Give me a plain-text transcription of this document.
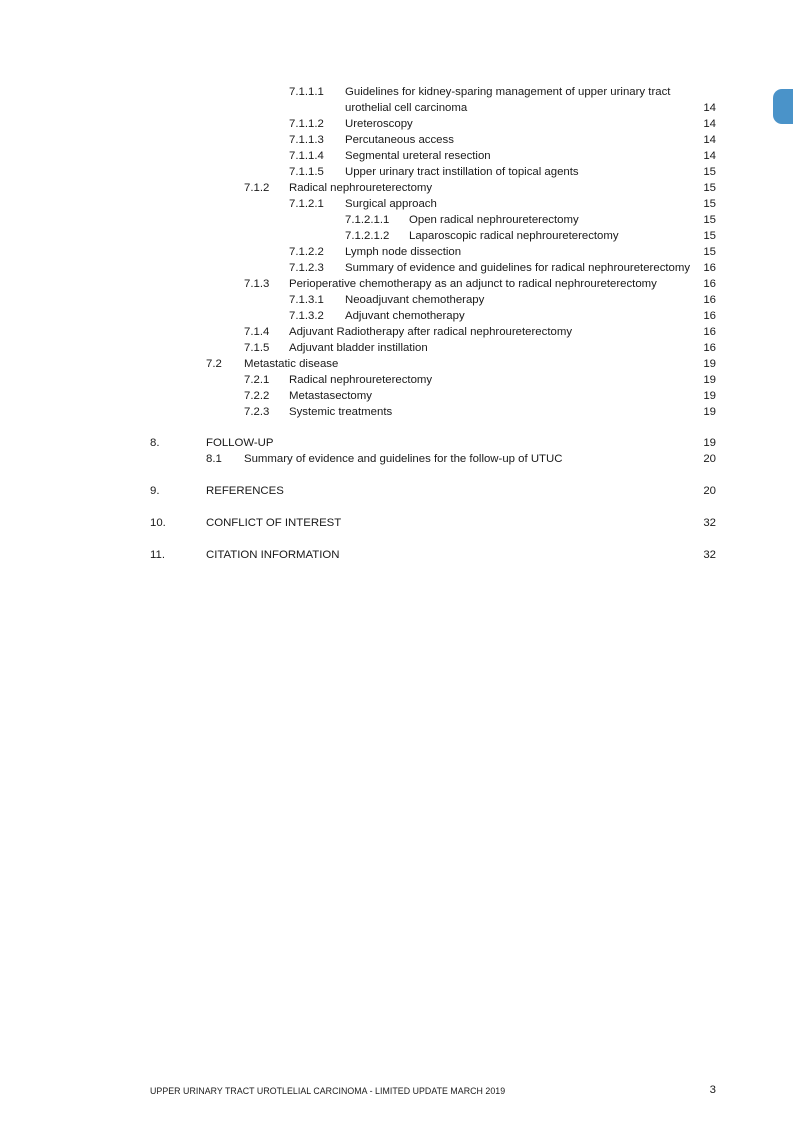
7.1.1.1 Guidelines for kidney-sparing management of upper urinary tract
urothelial cell carcinoma	14
7.1.1.2 Ureteroscopy	14
7.1.1.3 Percutaneous access	14
7.1.1.4 Segmental ureteral resection	14
7.1.1.5 Upper urinary tract instillation of topical agents	15
7.1.2 Radical nephroureterectomy	15
7.1.2.1 Surgical approach	15
7.1.2.1.1 Open radical nephroureterectomy	15
7.1.2.1.2 Laparoscopic radical nephroureterectomy	15
7.1.2.2 Lymph node dissection	15
7.1.2.3 Summary of evidence and guidelines for radical nephroureterectomy 16
7.1.3 Perioperative chemotherapy as an adjunct to radical nephroureterectomy	16
7.1.3.1 Neoadjuvant chemotherapy	16
7.1.3.2 Adjuvant chemotherapy	16
7.1.4 Adjuvant Radiotherapy after radical nephroureterectomy	16
7.1.5 Adjuvant bladder instillation	16
7.2 Metastatic disease	19
7.2.1 Radical nephroureterectomy	19
7.2.2 Metastasectomy	19
7.2.3 Systemic treatments	19
8.	FOLLOW-UP	19
8.1 Summary of evidence and guidelines for the follow-up of UTUC	20
9.	REFERENCES	20
10.	CONFLICT OF INTEREST	32
11.	CITATION INFORMATION	32
UPPER URINARY TRACT UROTLELIAL CARCINOMA - LIMITED UPDATE MARCH 2019	3
